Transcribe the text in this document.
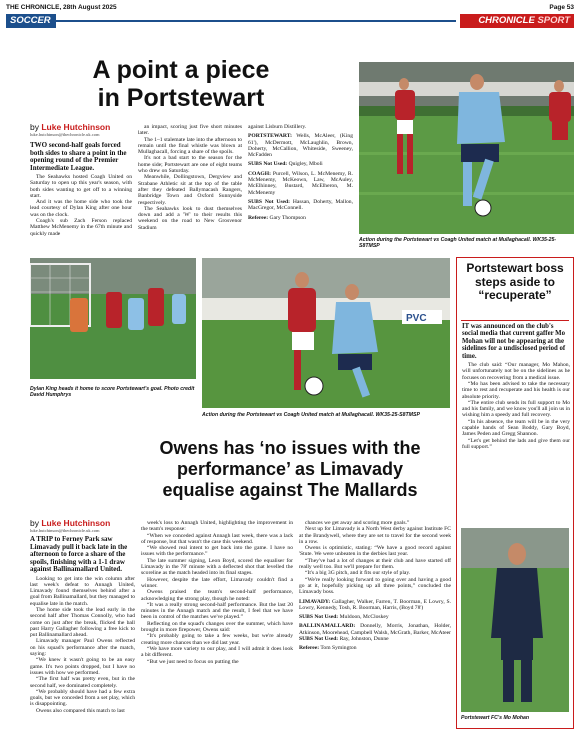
THE CHRONICLE, 28th August 2025	Page 53
SOCCER	CHRONICLE SPORT
A point a piece
in Portstewart
by Luke Hutchinson
luke.hutchinson@thechronicle.uk.com

TWO second-half goals forced both sides to share a point in the opening round of the Premier Intermediate League.

The Seahawks hosted Coagh United on Saturday to open up this year's season, with both sides wanting to get off to a winning start.

And it was the home side who took the lead courtesy of Dylan King after one hour was on the clock.

Coagh's sub Zach Ferson replaced Matthew McMenemy in the 67th minute and quickly made

an impact, scoring just five short minutes later.

The 1–1 stalemate late into the afternoon to remain until the final whistle was blown at Mullaghacall, forcing a share of the spoils.

It's not a bad start to the season for the home side; Portstewart are one of eight teams who drew on Saturday.

Meanwhile, Dollingstown, Dergview and Strabane Athletic sit at the top of the table after they defeated Ballymacash Rangers, Banbridge Town and Oxford Sunnyside respectively.

The Seahawks look to dust themselves down and add a 'W' to their results this weekend on the road to New Grosvenor Stadium

against Lisburn Distillery.

PORTSTEWART: Wells, McAleer, (King 61'), McDermott, McLaughlin, Brown, Doherty, McCallion, Whiteside, Sweeney, McFadden

SUBS Not Used: Quigley, Mboli

COAGH: Purcell, Wilson, L. McMenemy, R. McMenemy, McKeown, Law, McAuley, McElhinney, Bustard, McElheron, M. McMenemy

SUBS Not Used: Hassan, Doherty, Mallon, MacGregor, McConnell.

Referee: Gary Thompson

Action during the Portstewart vs Coagh United match at Mullaghacall. WK35-25-S8TMSP
Dylan King heads it home to score Portstewart's goal. Photo credit David Humphrys
PVC
Action during the Portstewart vs Coagh United match at Mullaghacall. WK35-25-S8TMSP
Portstewart boss steps aside to “recuperate”

IT was announced on the club's social media that current gaffer Mo Mohan will not be appearing at the sidelines for a undisclosed period of time.

The club said: “Our manager, Mo Mahon, will unfortunately not be on the sidelines as he focuses on recovering from a medical issue.

“Mo has been advised to take the necessary time to rest and recuperate and his health is our absolute priority.

“The entire club sends its full support to Mo and his family, and we know you'll all join us in wishing him a speedy and full recovery.

“In his absence, the team will be in the very capable hands of Sean Boddy, Gary Boyd, James Peden and Gregg Shannon.

“Let's get behind the lads and give them our full support.”

Portstewart FC's Mo Mohan
Owens has ‘no issues with the
performance’ as Limavady
equalise against The Mallards
by Luke Hutchinson
luke.hutchinson@thechronicle.uk.com

A TRIP to Ferney Park saw Limavady pull it back late in the afternoon to force a share of the spoils, finishing with a 1-1 draw against Ballinamallard United.

Looking to get into the win column after last week's defeat to Annagh United, Limavady found themselves behind after a goal from Ballinamallard, but they managed to equalise late in the match.

The home side took the lead early in the second half after Thomas Connolly, who had come on just after the break, flicked the ball past Harry Gallagher following a free kick to put Ballinamallard ahead.

Limavady manager Paul Owens reflected on his squad's performance after the match, saying:

“We knew it wasn't going to be an easy game. It's two points dropped, but I have no issues with how we performed.

“The first half was pretty even, but in the second half, we dominated completely.

“We probably should have had a few extra goals, but we conceded from a set play, which is disappointing.

Owens also compared this match to last

week's loss to Annagh United, highlighting the improvement in the team's response:

“When we conceded against Annagh last week, there was a lack of response, but that wasn't the case this weekend.

“We showed real intent to get back into the game. I have no issues with the performance.”

The late summer signing, Leon Boyd, scored the equaliser for Limavady in the 78' minute with a deflected shot that levelled the scoreline as the match headed into its final stages.

However, despite the late effort, Limavady couldn't find a winner.

Owens praised the team's second-half performance, acknowledging the strong play, though he noted:

“It was a really strong second-half performance. But the last 20 minutes in the Annagh match and the result, I feel that we have been in control of the matches we've played.”

Reflecting on the squad's changes over the summer, which have brought in more firepower, Owens said:

“It's probably going to take a few weeks, but we're already creating more chances than we did last year.

“We have more variety to our play, and I will admit it does look a bit different.

“But we just need to focus on putting the

chances we get away and scoring more goals.”

Next up for Limavady is a North West derby against Institute FC at the Brandywell, where they are set to travel for the second week in a row.

Owens is optimistic, stating: “We have a good record against 'Stute. We were unbeaten in the derbies last year.

“They've had a lot of changes at their club and have started off really well too. But we'll prepare for them.

“It's a big 3G pitch, and it fits our style of play.

“We're really looking forward to going over and having a good go at it, hopefully picking up all three points,” concluded the Limavady boss.

LIMAVADY: Gallagher, Walker, Farren, T. Boorman, E Lowry, S. Lowry, Kennedy, Tosh, R. Boorman, Harris, (Boyd 78')

SUBS Not Used: Muldoon, McCloskey

BALLINAMALLARD: Donnelly, Morris, Jonathan, Holder, Atkinson, Moorehead, Campbell Walsh, McGrath, Barker, McAteer

SUBS Not Used: Ray, Johnston, Dunne

Referee: Tom Symington
